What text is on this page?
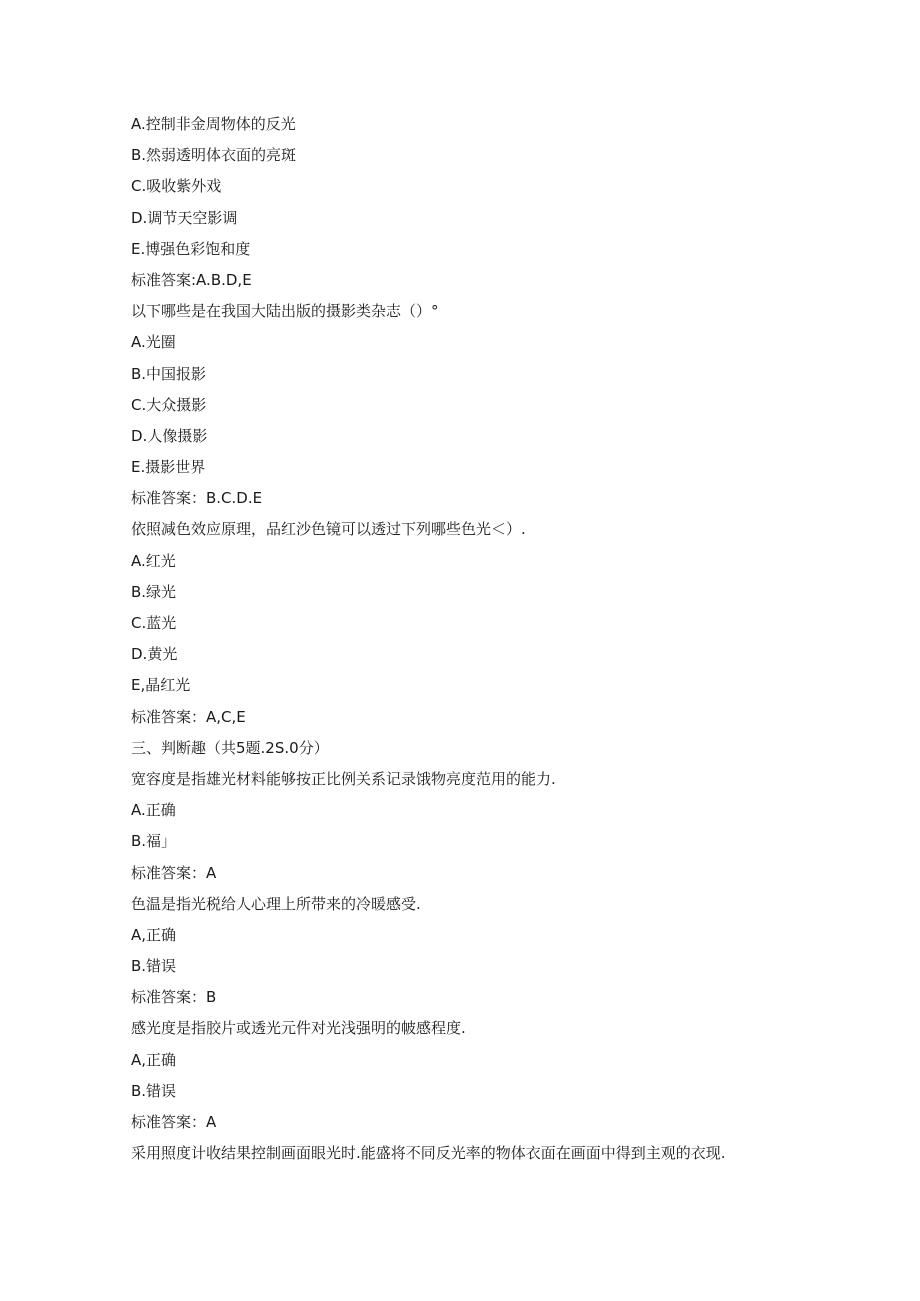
A.控制非金周物体的反光
B.然弱透明体衣面的亮斑
C.吸收紫外戏
D.调节天空影调
E.博强色彩饱和度
标准答案:A.B.D,E
以下哪些是在我国大陆出版的摄影类杂志（）°
A.光圈
B.中国报影
C.大众摄影
D.人像摄影
E.摄影世界
标准答案：B.C.D.E
依照减色效应原理，品红沙色镜可以透过下列哪些色光＜）.
A.红光
B.绿光
C.蓝光
D.黄光
E,晶红光
标准答案：A,C,E
三、判断趣（共5题.2S.0分）
宽容度是指雄光材料能够按正比例关系记录饿物亮度范用的能力.
A.正确
B.福」
标准答案：A
色温是指光税给人心理上所带来的冷暖感受.
A,正确
B.错误
标准答案：B
感光度是指胶片或透光元件对光浅强明的帔感程度.
A,正确
B.错误
标准答案：A
采用照度计收结果控制画面眼光时.能盛将不同反光率的物体衣面在画面中得到主观的衣现.
